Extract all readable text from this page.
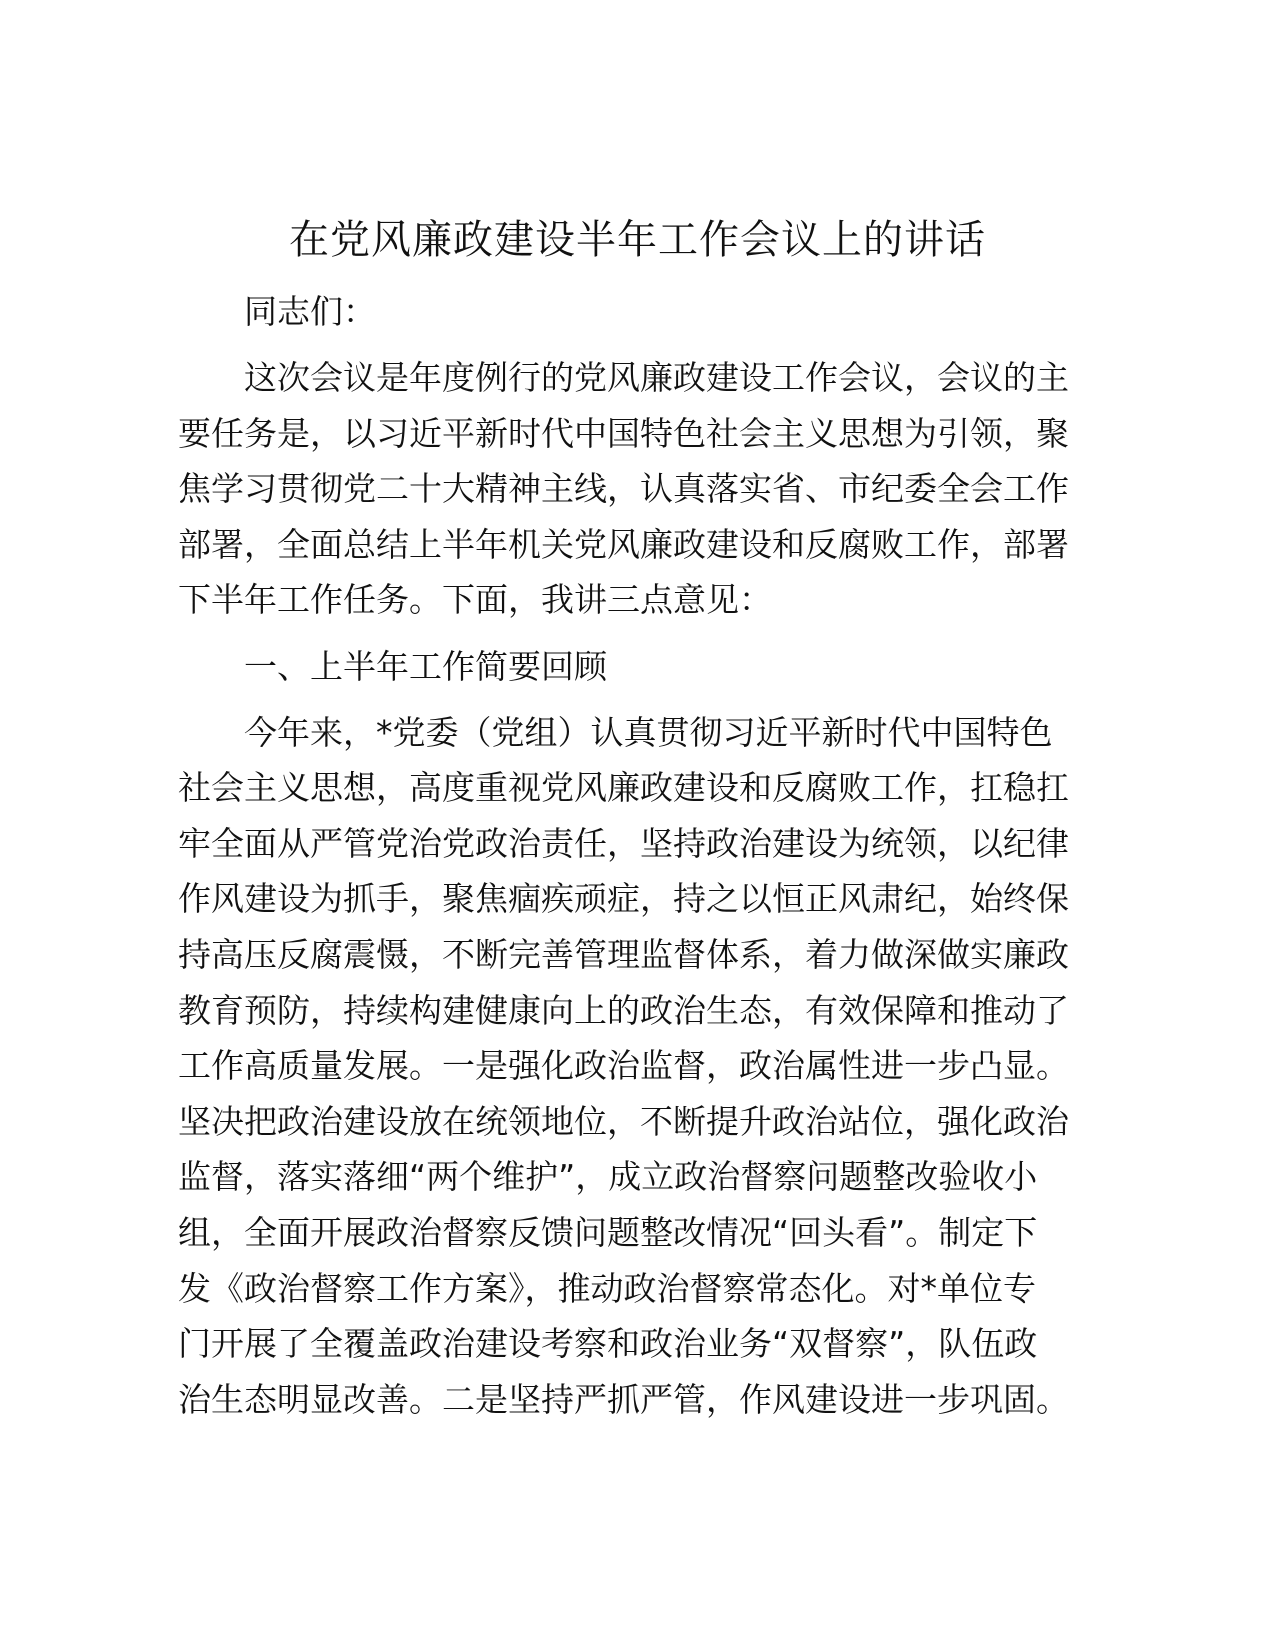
在党风廉政建设半年工作会议上的讲话
同志们：
这次会议是年度例行的党风廉政建设工作会议，会议的主
要任务是，以习近平新时代中国特色社会主义思想为引领，聚
焦学习贯彻党二十大精神主线，认真落实省、市纪委全会工作
部署，全面总结上半年机关党风廉政建设和反腐败工作，部署
下半年工作任务。下面，我讲三点意见：
一、上半年工作简要回顾
今年来，*党委（党组）认真贯彻习近平新时代中国特色
社会主义思想，高度重视党风廉政建设和反腐败工作，扛稳扛
牢全面从严管党治党政治责任，坚持政治建设为统领，以纪律
作风建设为抓手，聚焦痼疾顽症，持之以恒正风肃纪，始终保
持高压反腐震慑，不断完善管理监督体系，着力做深做实廉政
教育预防，持续构建健康向上的政治生态，有效保障和推动了
工作高质量发展。一是强化政治监督，政治属性进一步凸显。
坚决把政治建设放在统领地位，不断提升政治站位，强化政治
监督，落实落细“两个维护”，成立政治督察问题整改验收小
组，全面开展政治督察反馈问题整改情况“回头看”。制定下
发《政治督察工作方案》，推动政治督察常态化。对*单位专
门开展了全覆盖政治建设考察和政治业务“双督察”，队伍政
治生态明显改善。二是坚持严抓严管，作风建设进一步巩固。
